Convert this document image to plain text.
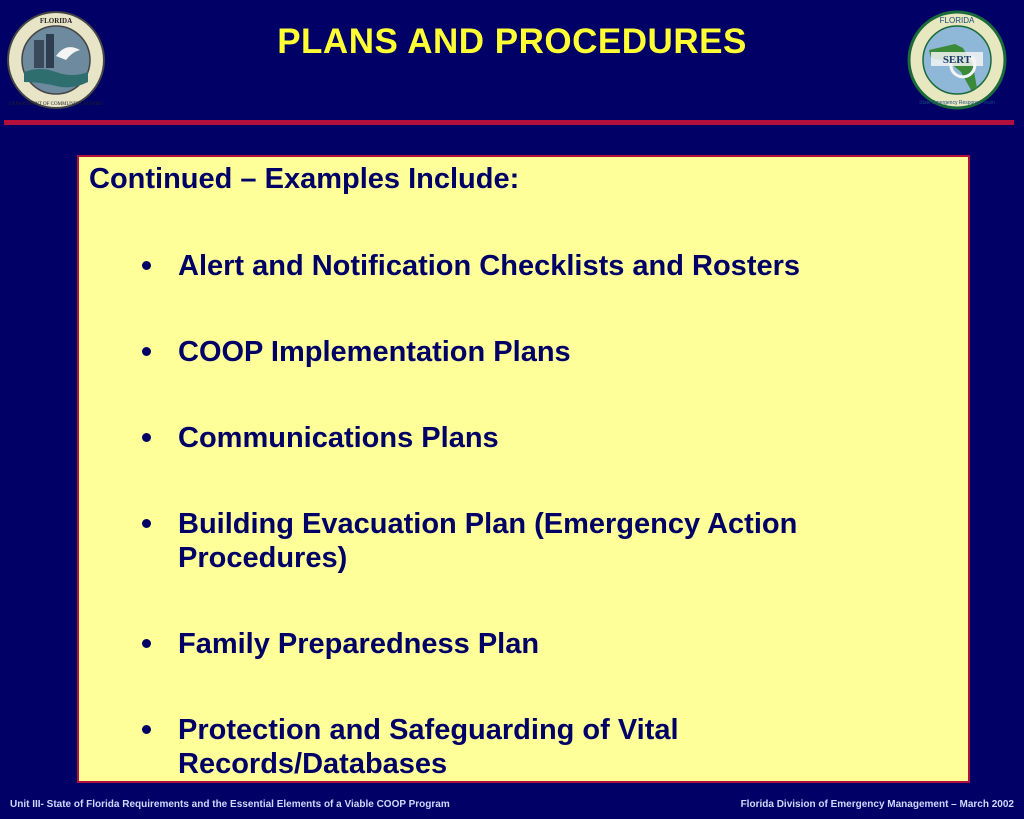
FLORIDA
DEPARTMENT OF COMMUNITY AFFAIRS
PLANS AND PROCEDURES	SERT
FLORIDA
State Emergency Response Team
Continued – Examples Include:
Alert and Notification Checklists and Rosters
COOP Implementation Plans
Communications Plans
Building Evacuation Plan (Emergency Action Procedures)
Family Preparedness Plan
Protection and Safeguarding of Vital Records/Databases
Unit III- State of Florida Requirements and the Essential Elements of a Viable COOP Program	Florida Division of Emergency Management – March 2002
